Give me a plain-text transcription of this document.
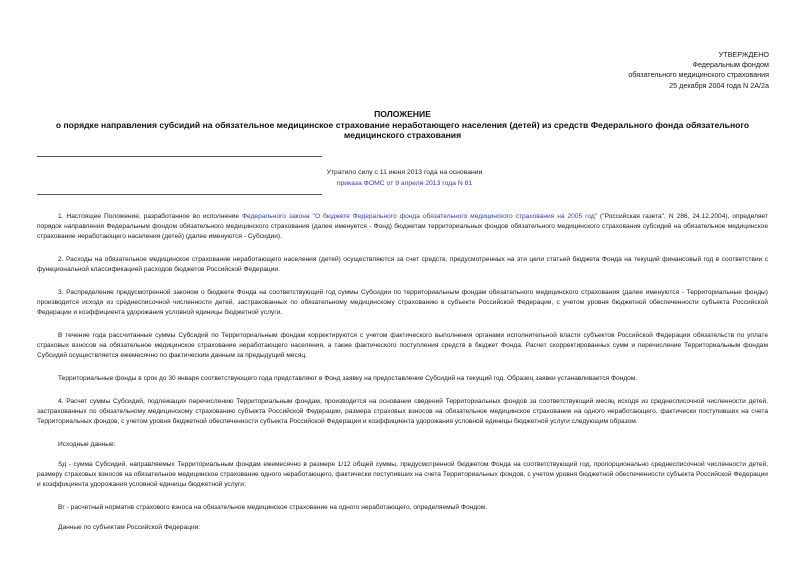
УТВЕРЖДЕНО
Федеральным фондом
обязательного медицинского страхования
25 декабря 2004 года N 2А/2а
ПОЛОЖЕНИЕ
о порядке направления субсидий на обязательное медицинское страхование неработающего населения (детей) из средств Федерального фонда обязательного медицинского страхования
Утратило силу с 11 июня 2013 года на основании
приказа ФОМС от 9 апреля 2013 года N 81

1. Настоящее Положение, разработанное во исполнение Федерального закона "О бюджете Федерального фонда обязательного медицинского страхования на 2005 год" ("Российская газета", N 286, 24.12.2004), определяет порядок направления Федеральным фондом обязательного медицинского страхования (далее именуется - Фонд) бюджетам территориальных фондов обязательного медицинского страхования субсидий на обязательное медицинское страхование неработающего населения (детей) (далее именуются - Субсидии).

2. Расходы на обязательное медицинское страхование неработающего населения (детей) осуществляются за счет средств, предусмотренных на эти цели статьей бюджета Фонда на текущий финансовый год в соответствии с функциональной классификацией расходов бюджетов Российской Федерации.

3. Распределение предусмотренной законом о бюджете Фонда на соответствующий год суммы Субсидии по территориальным фондам обязательного медицинского страхования (далее именуются - Территориальные фонды) производится исходя из среднесписочной численности детей, застрахованных по обязательному медицинскому страхованию в субъекте Российской Федерации, с учетом уровня бюджетной обеспеченности субъекта Российской Федерации и коэффициента удорожания условной единицы бюджетной услуги.

В течение года рассчитанные суммы Субсидий по Территориальным фондам корректируются с учетом фактического выполнения органами исполнительной власти субъектов Российской Федерации обязательств по уплате страховых взносов на обязательное медицинское страхование неработающего населения, а также фактического поступления средств в бюджет Фонда. Расчет скорректированных сумм и перечисление Территориальным фондам Субсидий осуществляется ежемесячно по фактическим данным за предыдущий месяц.

Территориальные фонды в срок до 30 января соответствующего года представляют в Фонд заявку на предоставление Субсидий на текущий год. Образец заявки устанавливается Фондом.

4. Расчет суммы Субсидий, подлежащих перечислению Территориальным фондам, производится на основании сведений Территориальных фондов за соответствующий месяц исходя из среднесписочной численности детей, застрахованных по обязательному медицинскому страхованию субъекта Российской Федерации, размера страховых взносов на обязательное медицинское страхование на одного неработающего, фактически поступивших на счета Территориальных фондов, с учетом уровня бюджетной обеспеченности субъекта Российской Федерации и коэффициента удорожания условной единицы бюджетной услуги следующим образом.

Исходные данные:

Sд - сумма Субсидий, направляемых Территориальным фондам ежемесячно в размере 1/12 общей суммы, предусмотренной бюджетом Фонда на соответствующий год, пропорционально среднесписочной численности детей, размеру страховых взносов на обязательное медицинское страхование одного неработающего, фактически поступивших на счета Территориальных фондов, с учетом уровня бюджетной обеспеченности субъекта Российской Федерации и коэффициента удорожания условной единицы бюджетной услуги;

Вг - расчетный норматив страхового взноса на обязательное медицинское страхование на одного неработающего, определяемый Фондом.

Данные по субъектам Российской Федерации:
